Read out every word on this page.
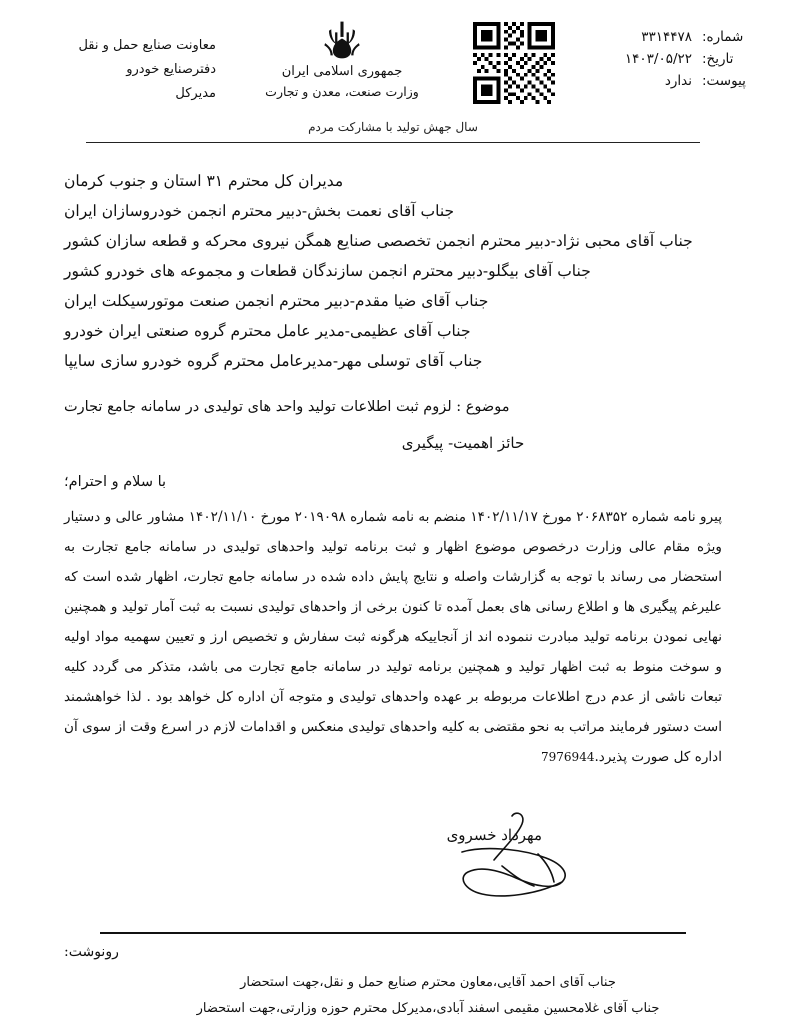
شماره:
۳۳۱۴۴۷۸
تاریخ:
۱۴۰۳/۰۵/۲۲
پیوست:
ندارد
جمهوری اسلامی ایران
وزارت صنعت، معدن و تجارت
معاونت صنایع حمل و نقل
دفترصنایع خودرو
مدیرکل
سال جهش تولید با مشارکت مردم
مدیران کل محترم ۳۱ استان و جنوب کرمان
جناب آقای نعمت بخش-دبیر محترم انجمن خودروسازان ایران
جناب آقای محبی نژاد-دبیر محترم انجمن تخصصی صنایع همگن نیروی محرکه و قطعه سازان کشور
جناب آقای بیگلو-دبیر محترم انجمن سازندگان قطعات و مجموعه های خودرو کشور
جناب آقای ضیا مقدم-دبیر محترم انجمن صنعت موتورسیکلت ایران
جناب آقای عظیمی-مدیر عامل محترم گروه صنعتی ایران خودرو
جناب آقای توسلی مهر-مدیرعامل محترم گروه خودرو سازی سایپا
موضوع : لزوم ثبت اطلاعات تولید واحد های تولیدی در سامانه جامع تجارت
حائز اهمیت- پیگیری
با سلام و احترام؛
پیرو نامه شماره ۲۰۶۸۳۵۲ مورخ ۱۴۰۲/۱۱/۱۷ منضم به نامه شماره ۲۰۱۹۰۹۸ مورخ ۱۴۰۲/۱۱/۱۰ مشاور عالی و دستیار ویژه مقام عالی وزارت درخصوص موضوع اظهار و ثبت برنامه تولید واحدهای تولیدی در سامانه جامع تجارت به استحضار می رساند با توجه به گزارشات واصله و نتایج پایش داده شده در سامانه جامع تجارت، اظهار شده است که علیرغم پیگیری ها و اطلاع رسانی های بعمل آمده تا کنون برخی از واحدهای تولیدی نسبت به ثبت آمار تولید و همچنین نهایی نمودن برنامه تولید مبادرت ننموده اند از آنجاییکه هرگونه ثبت سفارش و تخصیص ارز و تعیین سهمیه مواد اولیه و سوخت منوط به ثبت اظهار تولید و همچنین برنامه تولید در سامانه جامع تجارت می باشد، متذکر می گردد کلیه تبعات ناشی از عدم درج اطلاعات مربوطه بر عهده واحدهای تولیدی و متوجه آن اداره کل خواهد بود . لذا خواهشمند است دستور فرمایند مراتب به نحو مقتضی به کلیه واحدهای تولیدی منعکس و اقدامات لازم در اسرع وقت از سوی آن اداره کل صورت پذیرد.7976944
مهرداد خسروی
رونوشت:
جناب آقای احمد آقایی،معاون محترم صنایع حمل و نقل،جهت استحضار
جناب آقای غلامحسین مقیمی اسفند آبادی،مدیرکل محترم حوزه وزارتی،جهت استحضار
